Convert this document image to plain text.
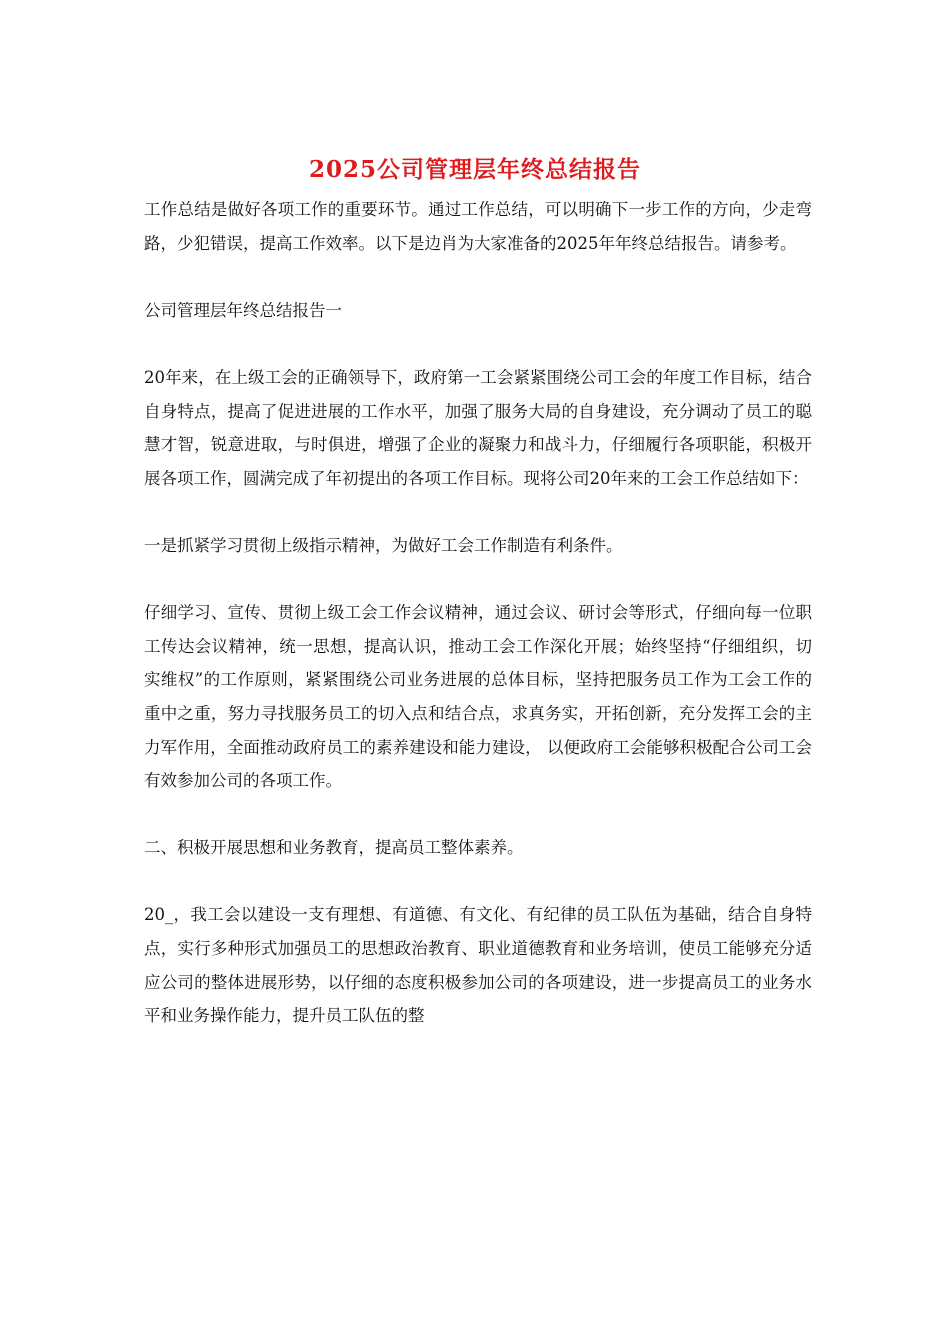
2025公司管理层年终总结报告

工作总结是做好各项工作的重要环节。通过工作总结，可以明确下一步工作的方向，少走弯路，少犯错误，提高工作效率。以下是边肖为大家准备的2025年年终总结报告。请参考。

公司管理层年终总结报告一

20年来，在上级工会的正确领导下，政府第一工会紧紧围绕公司工会的年度工作目标，结合自身特点，提高了促进进展的工作水平，加强了服务大局的自身建设，充分调动了员工的聪慧才智，锐意进取，与时俱进，增强了企业的凝聚力和战斗力，仔细履行各项职能，积极开展各项工作，圆满完成了年初提出的各项工作目标。现将公司20年来的工会工作总结如下：

一是抓紧学习贯彻上级指示精神，为做好工会工作制造有利条件。

仔细学习、宣传、贯彻上级工会工作会议精神，通过会议、研讨会等形式，仔细向每一位职工传达会议精神，统一思想，提高认识，推动工会工作深化开展；始终坚持“仔细组织，切实维权”的工作原则，紧紧围绕公司业务进展的总体目标，坚持把服务员工作为工会工作的重中之重，努力寻找服务员工的切入点和结合点，求真务实，开拓创新，充分发挥工会的主力军作用，全面推动政府员工的素养建设和能力建设， 以便政府工会能够积极配合公司工会有效参加公司的各项工作。

二、积极开展思想和业务教育，提高员工整体素养。

20_，我工会以建设一支有理想、有道德、有文化、有纪律的员工队伍为基础，结合自身特点，实行多种形式加强员工的思想政治教育、职业道德教育和业务培训，使员工能够充分适应公司的整体进展形势，以仔细的态度积极参加公司的各项建设，进一步提高员工的业务水平和业务操作能力，提升员工队伍的整
